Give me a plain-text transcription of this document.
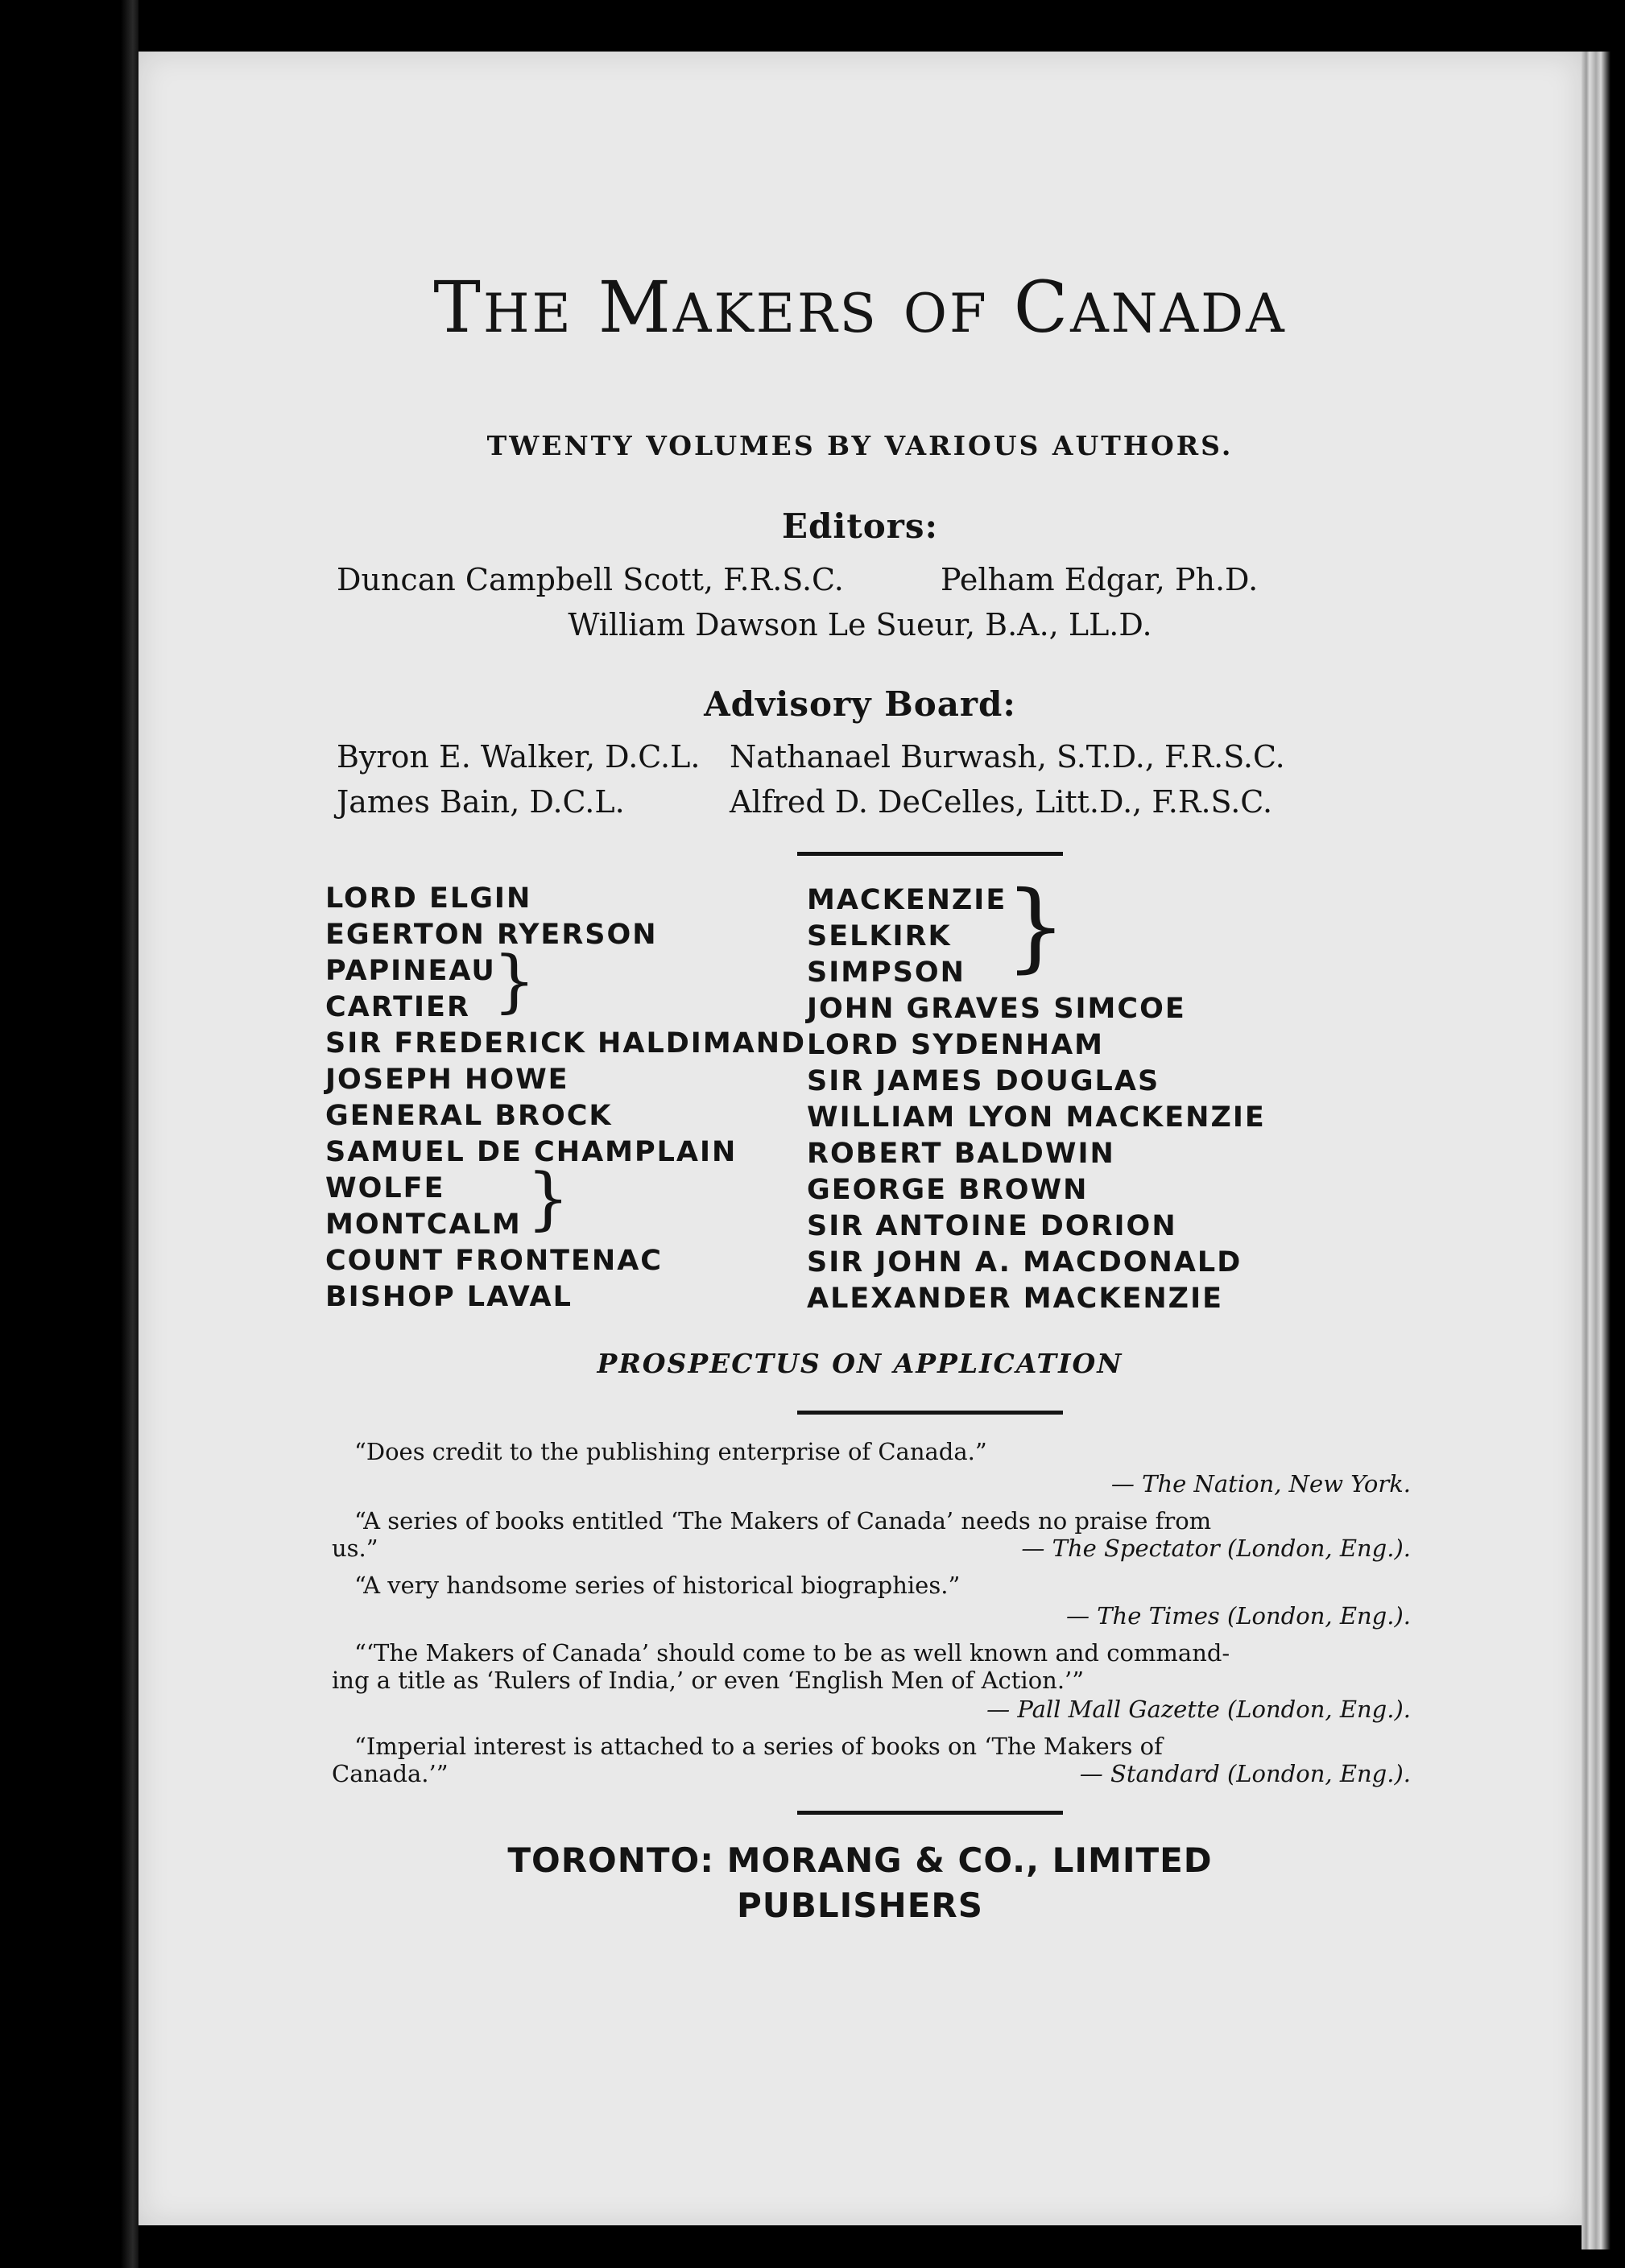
THE MAKERS OF CANADA
TWENTY VOLUMES BY VARIOUS AUTHORS.
Editors:
Duncan Campbell Scott, F.R.S.C.	Pelham Edgar, Ph.D.
William Dawson Le Sueur, B.A., LL.D.
Advisory Board:
Byron E. Walker, D.C.L. Nathanael Burwash, S.T.D., F.R.S.C.
James Bain, D.C.L.	Alfred D. DeCelles, Litt.D., F.R.S.C.
LORD ELGIN
EGERTON RYERSON
PAPINEAU
CARTIER }
SIR FREDERICK HALDIMAND
JOSEPH HOWE
GENERAL BROCK
SAMUEL DE CHAMPLAIN
WOLFE
MONTCALM }
COUNT FRONTENAC
BISHOP LAVAL
MACKENZIE
SELKIRK
SIMPSON }
JOHN GRAVES SIMCOE
LORD SYDENHAM
SIR JAMES DOUGLAS
WILLIAM LYON MACKENZIE
ROBERT BALDWIN
GEORGE BROWN
SIR ANTOINE DORION
SIR JOHN A. MACDONALD
ALEXANDER MACKENZIE
PROSPECTUS ON APPLICATION
“Does credit to the publishing enterprise of Canada.”
— The Nation, New York.
“A series of books entitled ‘The Makers of Canada’ needs no praise from
us.”	— The Spectator (London, Eng.).
“A very handsome series of historical biographies.”
— The Times (London, Eng.).
“‘The Makers of Canada’ should come to be as well known and command-
ing a title as ‘Rulers of India,’ or even ‘English Men of Action.’”
— Pall Mall Gazette (London, Eng.).
“Imperial interest is attached to a series of books on ‘The Makers of
Canada.’”	— Standard (London, Eng.).
TORONTO: MORANG & CO., LIMITED
PUBLISHERS
